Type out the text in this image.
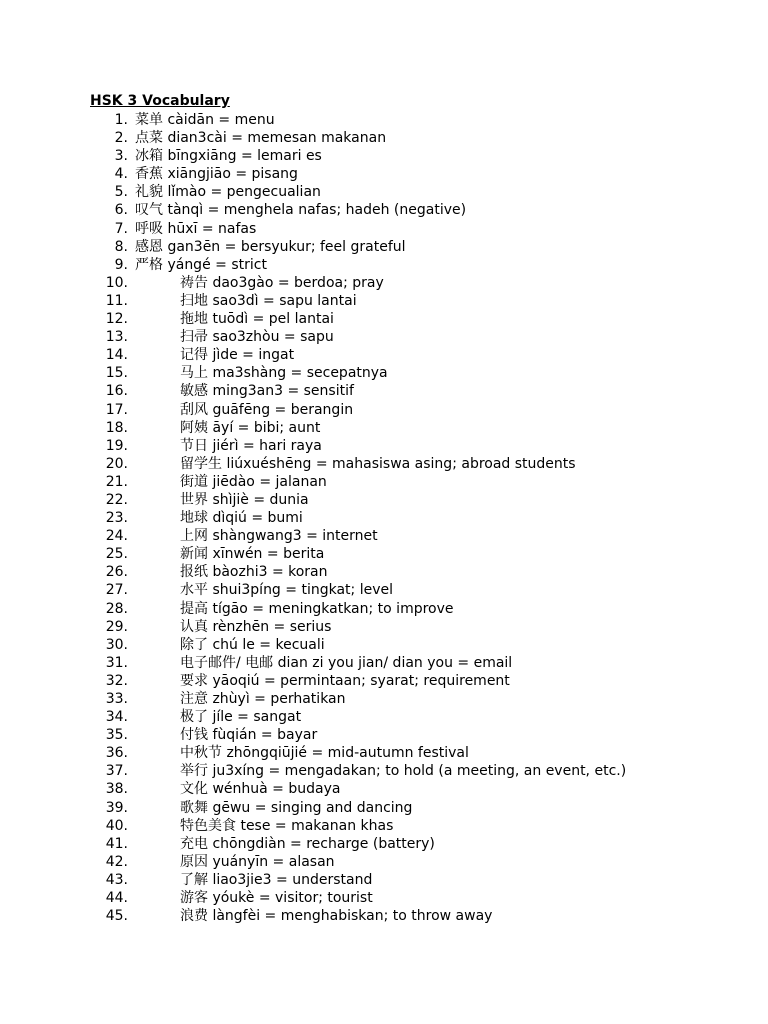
HSK 3 Vocabulary
1. 菜单 càidān = menu
2. 点菜 dian3cài = memesan makanan
3. 冰箱 bīngxiāng = lemari es
4. 香蕉 xiāngjiāo = pisang
5. 礼貌 lǐmào = pengecualian
6. 叹气 tànqì = menghela nafas; hadeh (negative)
7. 呼吸 hūxī = nafas
8. 感恩 gan3ēn = bersyukur; feel grateful
9. 严格 yángé = strict
10.	祷告 dao3gào = berdoa; pray
11.	扫地 sao3dì = sapu lantai
12.	拖地 tuōdì = pel lantai
13.	扫帚 sao3zhòu = sapu
14.	记得 jìde = ingat
15.	马上 ma3shàng = secepatnya
16.	敏感 ming3an3 = sensitif
17.	刮风 guāfēng = berangin
18.	阿姨 āyí = bibi; aunt
19.	节日 jiérì = hari raya
20.	留学生 liúxuéshēng = mahasiswa asing; abroad students
21.	街道 jiēdào = jalanan
22.	世界 shìjiè = dunia
23.	地球 dìqiú = bumi
24.	上网 shàngwang3 = internet
25.	新闻 xīnwén = berita
26.	报纸 bàozhi3 = koran
27.	水平 shui3píng = tingkat; level
28.	提高 tígāo = meningkatkan; to improve
29.	认真 rènzhēn = serius
30.	除了 chú le = kecuali
31.	电子邮件/ 电邮 dian zi you jian/ dian you = email
32.	要求 yāoqiú = permintaan; syarat; requirement
33.	注意 zhùyì = perhatikan
34.	极了 jíle = sangat
35.	付钱 fùqián = bayar
36.	中秋节 zhōngqiūjié = mid-autumn festival
37.	举行 ju3xíng = mengadakan; to hold (a meeting, an event, etc.)
38.	文化 wénhuà = budaya
39.	歌舞 gēwu = singing and dancing
40.	特色美食 tese = makanan khas
41.	充电 chōngdiàn = recharge (battery)
42.	原因 yuányīn = alasan
43.	了解 liao3jie3 = understand
44.	游客 yóukè = visitor; tourist
45.	浪费 làngfèi = menghabiskan; to throw away
